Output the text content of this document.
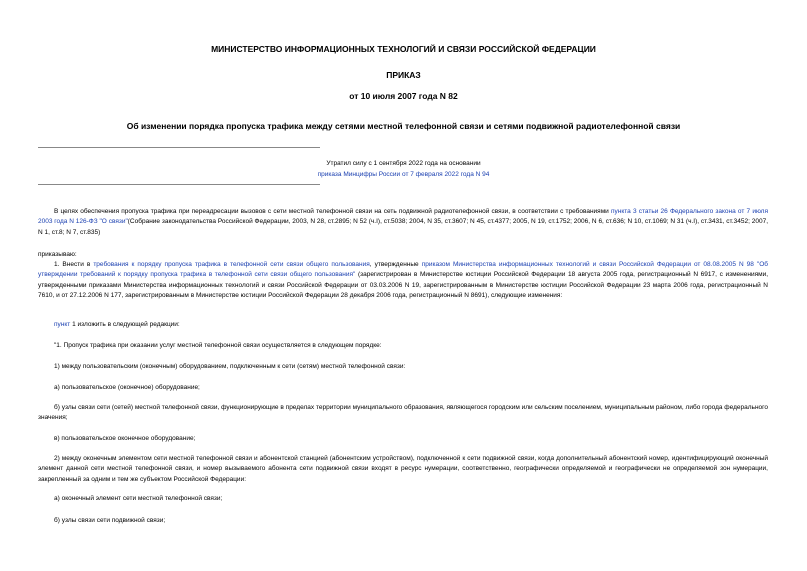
МИНИСТЕРСТВО ИНФОРМАЦИОННЫХ ТЕХНОЛОГИЙ И СВЯЗИ РОССИЙСКОЙ ФЕДЕРАЦИИ
ПРИКАЗ
от 10 июля 2007 года N 82
Об изменении порядка пропуска трафика между сетями местной телефонной связи и сетями подвижной радиотелефонной связи
Утратил силу с 1 сентября 2022 года на основании
приказа Минцифры России от 7 февраля 2022 года N 94
В целях обеспечения пропуска трафика при переадресации вызовов с сети местной телефонной связи на сеть подвижной радиотелефонной связи, в соответствии с требованиями пункта 3 статьи 26 Федерального закона от 7 июля 2003 года N 126-ФЗ "О связи"(Собрание законодательства Российской Федерации, 2003, N 28, ст.2895; N 52 (ч.I), ст.5038; 2004, N 35, ст.3607; N 45, ст.4377; 2005, N 19, ст.1752; 2006, N 6, ст.636; N 10, ст.1069; N 31 (ч.I), ст.3431, ст.3452; 2007, N 1, ст.8; N 7, ст.835)
приказываю:
1. Внести в требования к порядку пропуска трафика в телефонной сети связи общего пользования, утвержденные приказом Министерства информационных технологий и связи Российской Федерации от 08.08.2005 N 98 "Об утверждении требований к порядку пропуска трафика в телефонной сети связи общего пользования" (зарегистрирован в Министерстве юстиции Российской Федерации 18 августа 2005 года, регистрационный N 6917, с изменениями, утвержденными приказами Министерства информационных технологий и связи Российской Федерации от 03.03.2006 N 19, зарегистрированным в Министерстве юстиции Российской Федерации 23 марта 2006 года, регистрационный N 7610, и от 27.12.2006 N 177, зарегистрированным в Министерстве юстиции Российской Федерации 28 декабря 2006 года, регистрационный N 8691), следующие изменения:
пункт 1 изложить в следующей редакции:
"1. Пропуск трафика при оказании услуг местной телефонной связи осуществляется в следующем порядке:
1) между пользовательским (оконечным) оборудованием, подключенным к сети (сетям) местной телефонной связи:
а) пользовательское (оконечное) оборудование;
б) узлы связи сети (сетей) местной телефонной связи, функционирующие в пределах территории муниципального образования, являющегося городским или сельским поселением, муниципальным районом, либо города федерального значения;
в) пользовательское оконечное оборудование;
2) между оконечным элементом сети местной телефонной связи и абонентской станцией (абонентским устройством), подключенной к сети подвижной связи, когда дополнительный абонентский номер, идентифицирующий оконечный элемент данной сети местной телефонной связи, и номер вызываемого абонента сети подвижной связи входят в ресурс нумерации, соответственно, географически определяемой и географически не определяемой зон нумерации, закрепленный за одним и тем же субъектом Российской Федерации:
а) оконечный элемент сети местной телефонной связи;
б) узлы связи сети подвижной связи;
